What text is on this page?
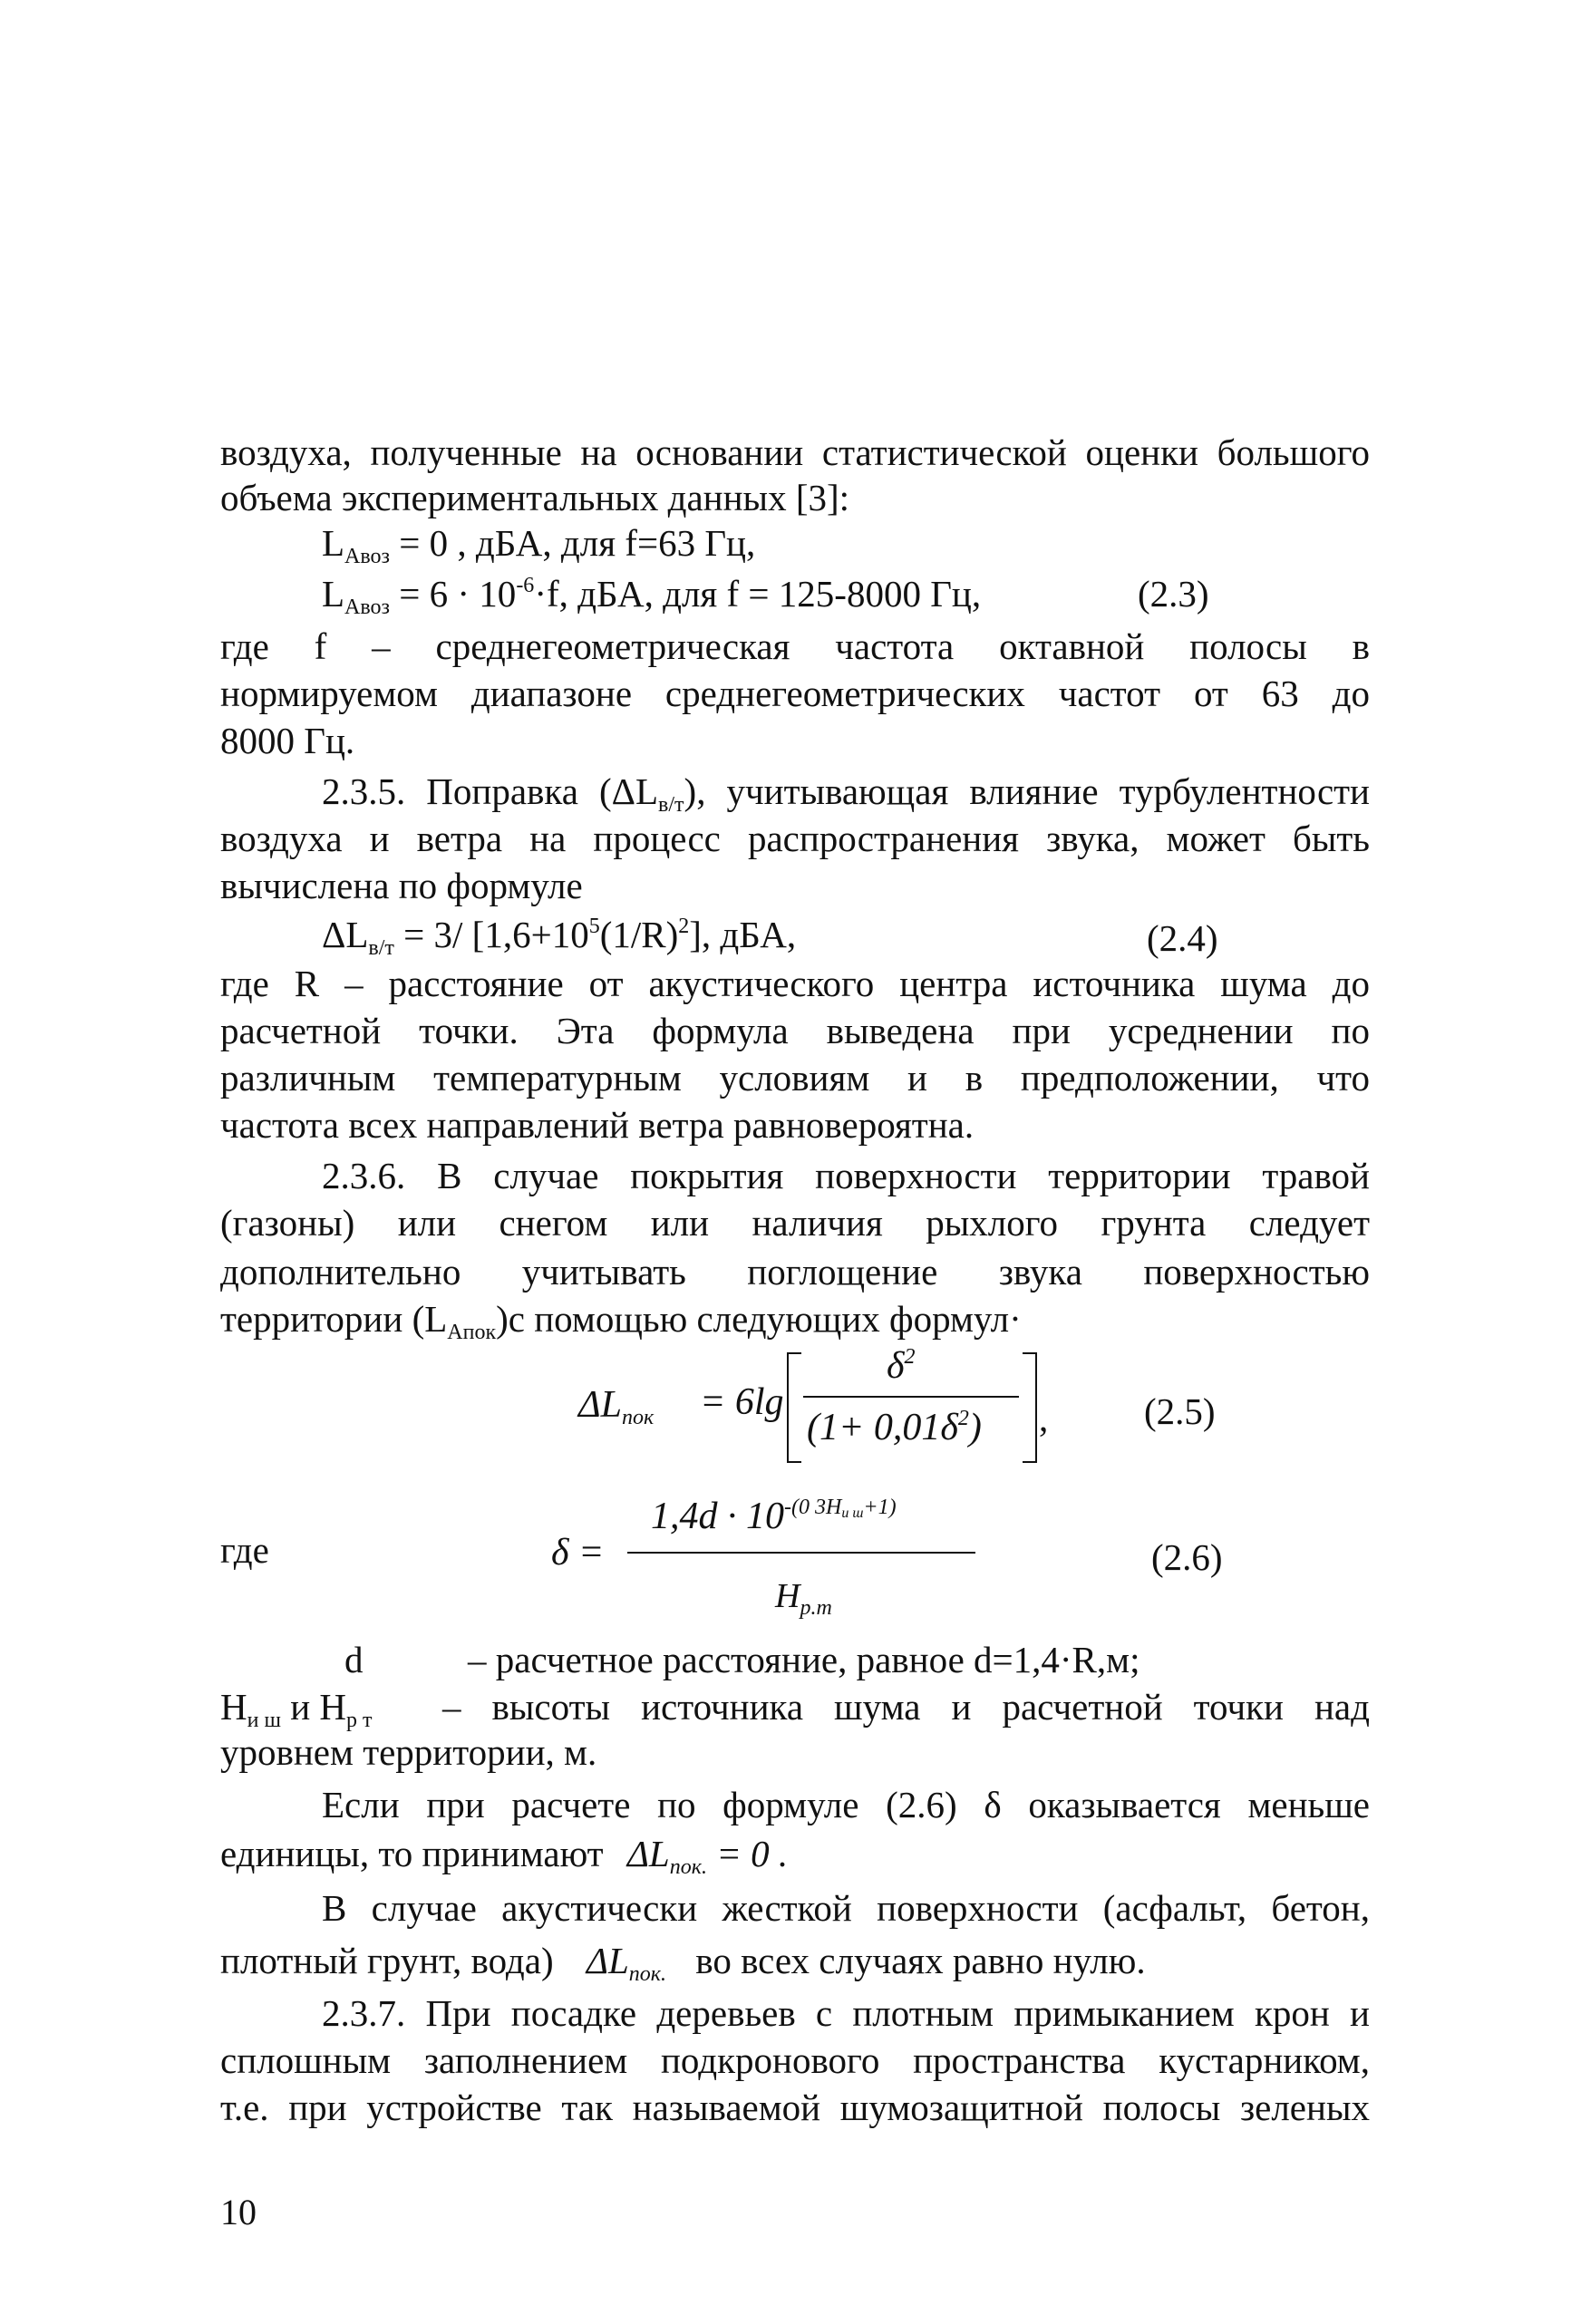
воздуха, полученные на основании статистической оценки большого
объема экспериментальных данных [3]:
$L_{Авоз} = 0$ , дБА, для f=63 Гц,
$L_{Авоз} = 6 \cdot 10^{-6}\cdot f$, дБА, для f = 125-8000 Гц,	(2.3)
где f – среднегеометрическая частота октавной полосы в
нормируемом диапазоне среднегеометрических частот от 63 до
8000 Гц.
2.3.5. Поправка $(\Delta L_{в/т})$, учитывающая влияние турбулентности
воздуха и ветра на процесс распространения звука, может быть
вычислена по формуле
$\Delta L_{в/т} = 3/$ $[1,6+10^5(1/R)^2]$, дБА,	(2.4)
где R – расстояние от акустического центра источника шума до
расчетной точки. Эта формула выведена при усреднении по
различным температурным условиям и в предположении, что
частота всех направлений ветра равновероятна.
2.3.6. В случае покрытия поверхности территории травой
(газоны) или снегом или наличия рыхлого грунта следует
дополнительно учитывать поглощение звука поверхностью
территории $(L_{Апок})с$ помощью следующих формул·
$\Delta L_{пок} = 6\lg$
$\delta^2$
$(1+ 0,01\delta^2)$ ,	(2.5)
где	δ =
$1,4d \cdot 10^{-(0 3H_{и ш}+1)}$
$H_{р.т}$
(2.6)
d	– расчетное расстояние, равное d=1,4·R,м;
$H_{и ш}$ и $H_{р т}$ – высоты источника шума и расчетной точки над
уровнем территории, м.
Если при расчете по формуле (2.6) δ оказывается меньше
единицы, то принимают $\Delta L_{пок.} = 0$ .
В случае акустически жесткой поверхности (асфальт, бетон,
плотный грунт, вода) $\Delta L_{пок.}$ во всех случаях равно нулю.
2.3.7. При посадке деревьев с плотным примыканием крон и
сплошным заполнением подкронового пространства кустарником,
т.е. при устройстве так называемой шумозащитной полосы зеленых
10
